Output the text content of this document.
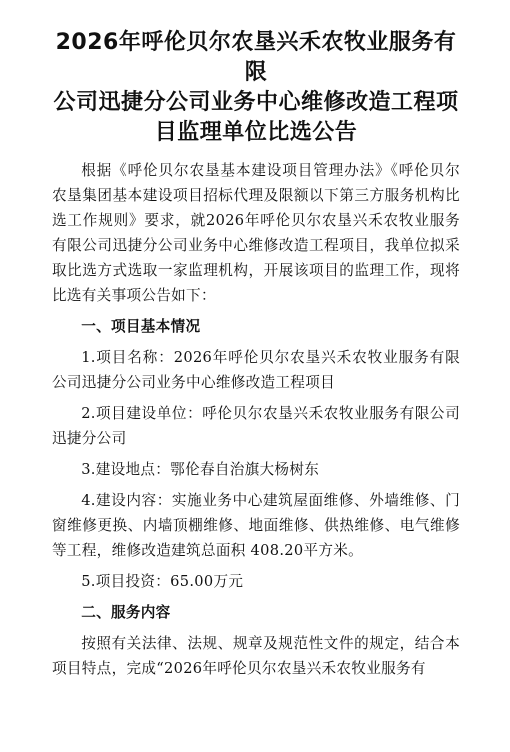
2026年呼伦贝尔农垦兴禾农牧业服务有限
公司迅捷分公司业务中心维修改造工程项
目监理单位比选公告

根据《呼伦贝尔农垦基本建设项目管理办法》《呼伦贝尔农垦集团基本建设项目招标代理及限额以下第三方服务机构比选工作规则》要求，就2026年呼伦贝尔农垦兴禾农牧业服务有限公司迅捷分公司业务中心维修改造工程项目，我单位拟采取比选方式选取一家监理机构，开展该项目的监理工作，现将比选有关事项公告如下：

一、项目基本情况

1.项目名称：2026年呼伦贝尔农垦兴禾农牧业服务有限公司迅捷分公司业务中心维修改造工程项目

2.项目建设单位：呼伦贝尔农垦兴禾农牧业服务有限公司迅捷分公司

3.建设地点：鄂伦春自治旗大杨树东

4.建设内容：实施业务中心建筑屋面维修、外墙维修、门窗维修更换、内墙顶棚维修、地面维修、供热维修、电气维修等工程，维修改造建筑总面积 408.20平方米。

5.项目投资：65.00万元

二、服务内容

按照有关法律、法规、规章及规范性文件的规定，结合本项目特点，完成“2026年呼伦贝尔农垦兴禾农牧业服务有
